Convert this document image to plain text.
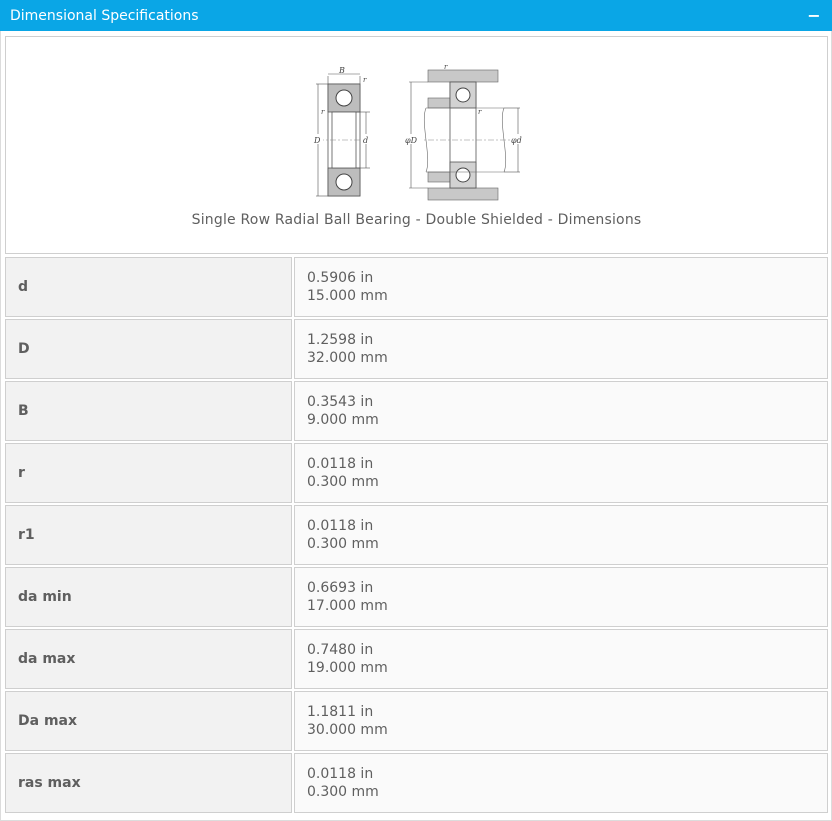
Dimensional Specifications	−
B
r
r
D	d	φD	φd
r
r
Single Row Radial Ball Bearing - Double Shielded - Dimensions
d
0.5906 in
15.000 mm
D
1.2598 in
32.000 mm
B
0.3543 in
9.000 mm
r
0.0118 in
0.300 mm
r1
0.0118 in
0.300 mm
da min
0.6693 in
17.000 mm
da max
0.7480 in
19.000 mm
Da max
1.1811 in
30.000 mm
ras max
0.0118 in
0.300 mm
